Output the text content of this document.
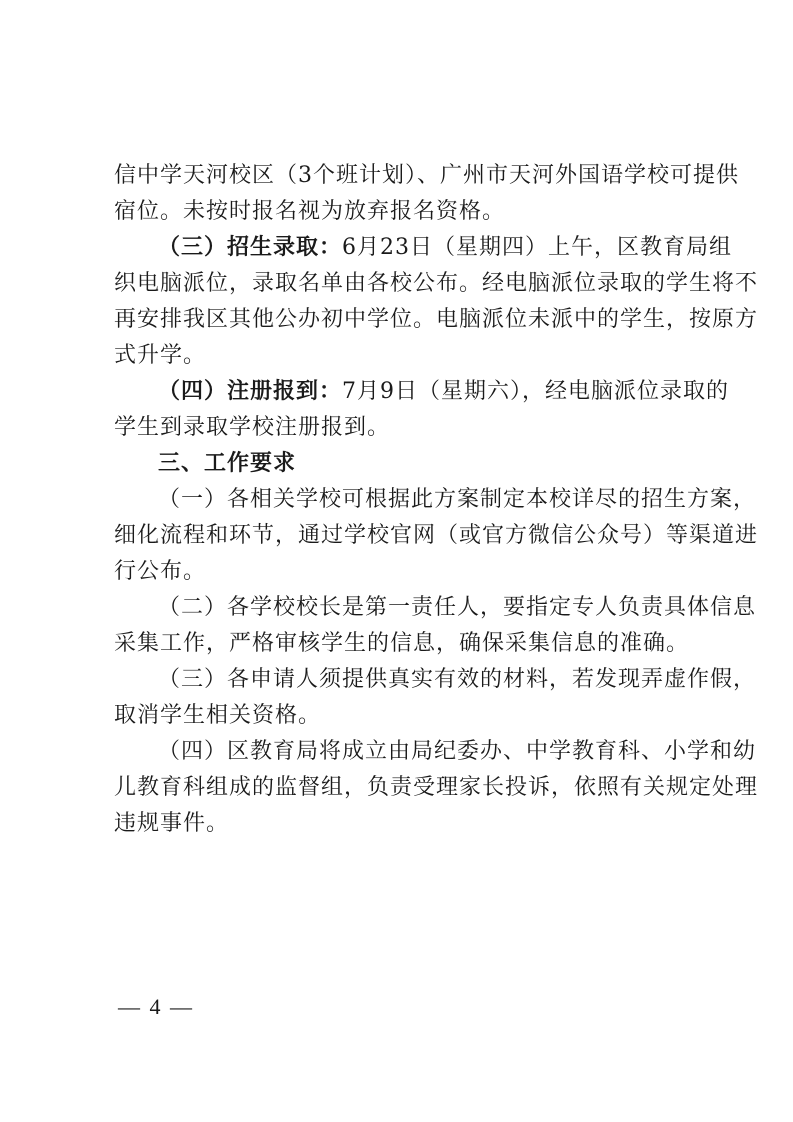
信中学天河校区（3个班计划）、广州市天河外国语学校可提供
宿位。未按时报名视为放弃报名资格。
（三）招生录取：6月23日（星期四）上午，区教育局组
织电脑派位，录取名单由各校公布。经电脑派位录取的学生将不
再安排我区其他公办初中学位。电脑派位未派中的学生，按原方
式升学。
（四）注册报到：7月9日（星期六），经电脑派位录取的
学生到录取学校注册报到。
三、工作要求
（一）各相关学校可根据此方案制定本校详尽的招生方案，
细化流程和环节，通过学校官网（或官方微信公众号）等渠道进
行公布。
（二）各学校校长是第一责任人，要指定专人负责具体信息
采集工作，严格审核学生的信息，确保采集信息的准确。
（三）各申请人须提供真实有效的材料，若发现弄虚作假，
取消学生相关资格。
（四）区教育局将成立由局纪委办、中学教育科、小学和幼
儿教育科组成的监督组，负责受理家长投诉，依照有关规定处理
违规事件。
— 4 —
